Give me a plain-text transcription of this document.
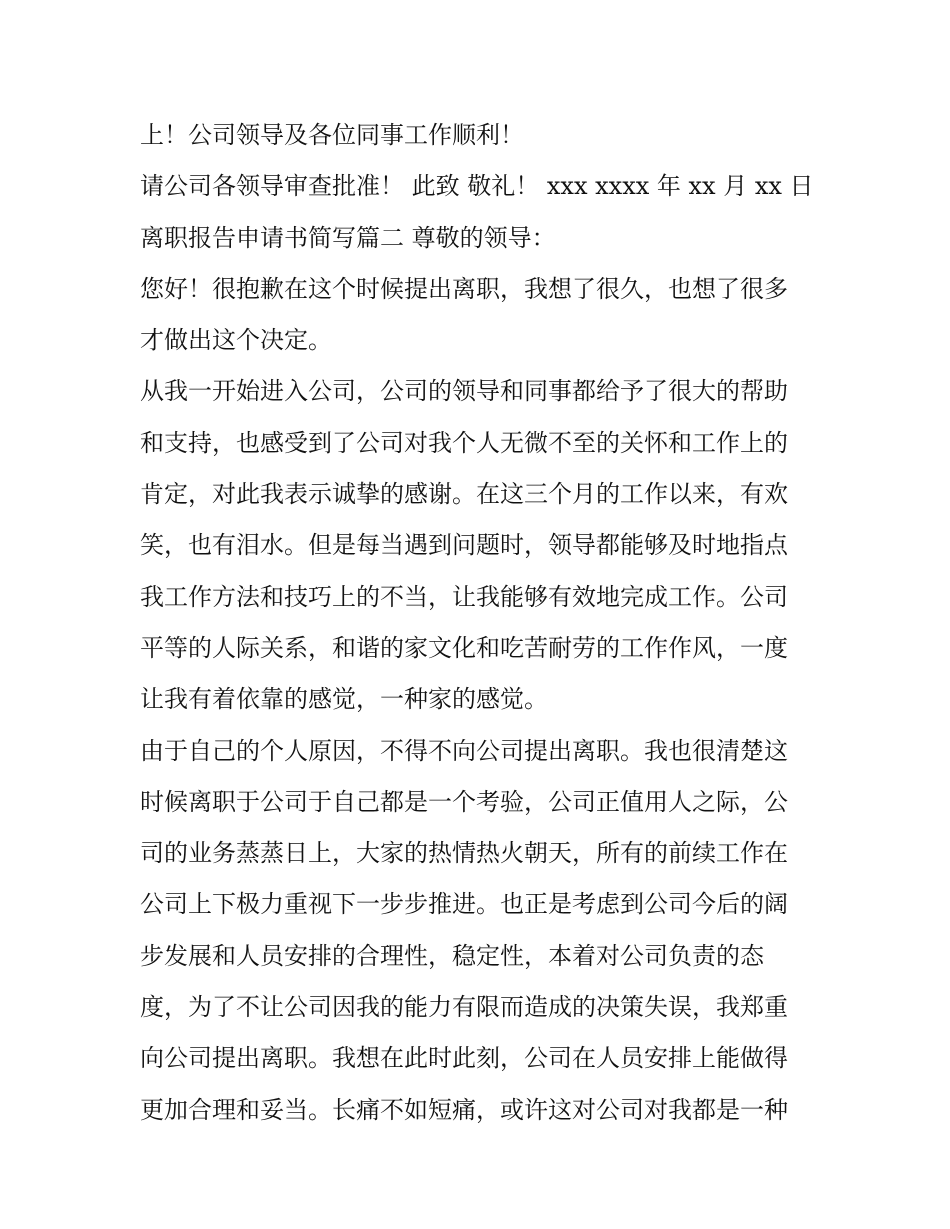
上！公司领导及各位同事工作顺利！

请公司各领导审查批准！ 此致 敬礼！ xxx xxxx 年 xx 月 xx 日

离职报告申请书简写篇二 尊敬的领导：

您好！很抱歉在这个时候提出离职，我想了很久，也想了很多

才做出这个决定。

从我一开始进入公司，公司的领导和同事都给予了很大的帮助

和支持，也感受到了公司对我个人无微不至的关怀和工作上的

肯定，对此我表示诚挚的感谢。在这三个月的工作以来，有欢

笑，也有泪水。但是每当遇到问题时，领导都能够及时地指点

我工作方法和技巧上的不当，让我能够有效地完成工作。公司

平等的人际关系，和谐的家文化和吃苦耐劳的工作作风，一度

让我有着依靠的感觉，一种家的感觉。

由于自己的个人原因，不得不向公司提出离职。我也很清楚这

时候离职于公司于自己都是一个考验，公司正值用人之际，公

司的业务蒸蒸日上，大家的热情热火朝天，所有的前续工作在

公司上下极力重视下一步步推进。也正是考虑到公司今后的阔

步发展和人员安排的合理性，稳定性，本着对公司负责的态

度，为了不让公司因我的能力有限而造成的决策失误，我郑重

向公司提出离职。我想在此时此刻，公司在人员安排上能做得

更加合理和妥当。长痛不如短痛，或许这对公司对我都是一种
